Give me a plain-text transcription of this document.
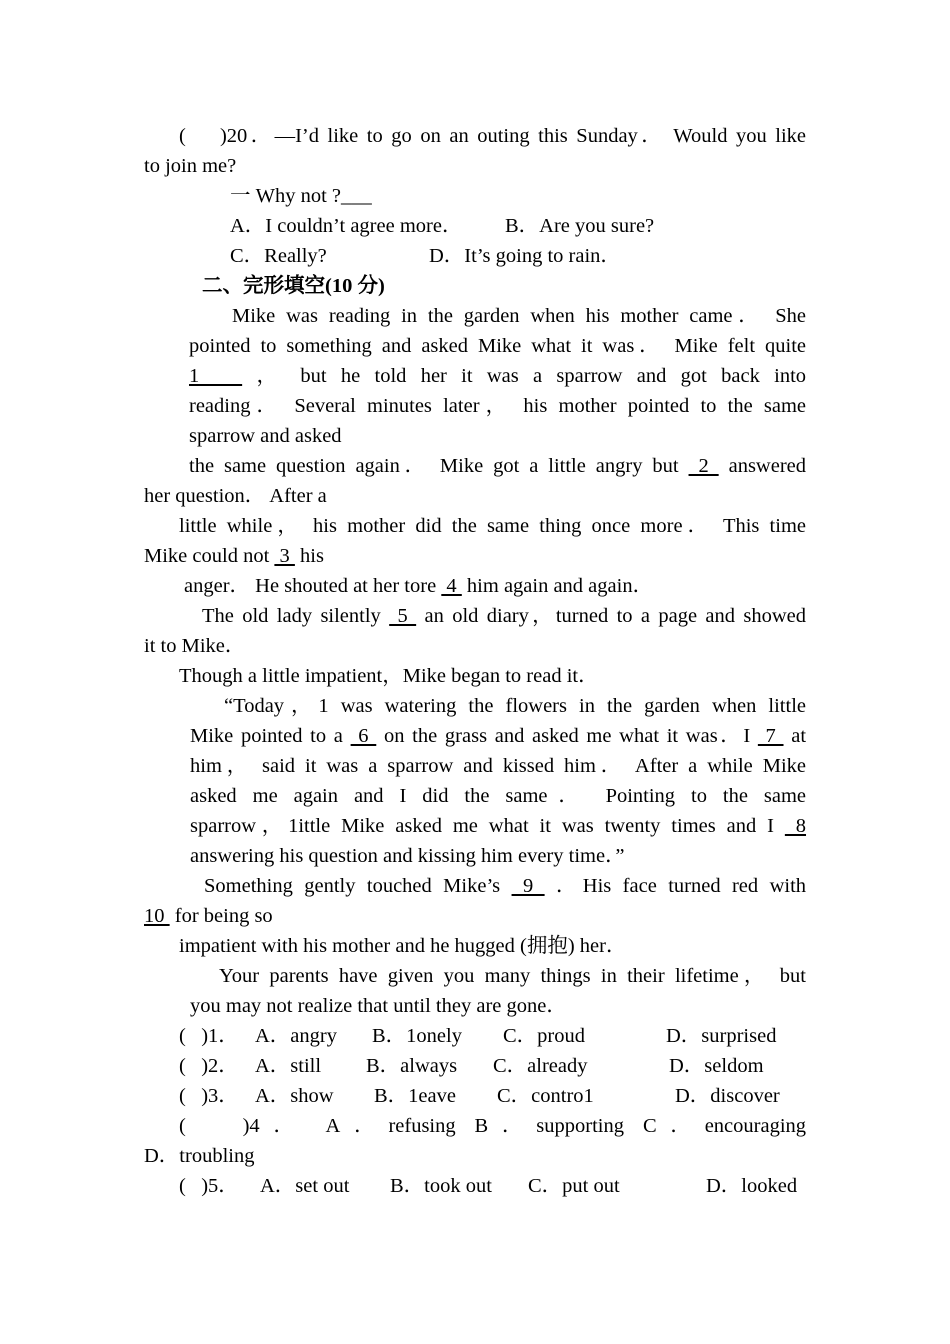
(    )20．—I’d like to go on an outing this Sunday． Would you like
to join me?
一 Why not ?___
A．I couldn’t agree more． B．Are you sure?
C．Really?	D．It’s going to rain．
二、完形填空(10 分)
Mike was reading in the garden when his mother came． She
pointed to something and asked Mike what it was． Mike felt quite
1    ， but he told her it was a sparrow and got back into
reading． Several minutes later， his mother pointed to the same
sparrow and asked
the same question again． Mike got a little angry but  2  answered
her question． After a
little while， his mother did the same thing once more． This time
Mike could not  3  his
anger． He shouted at her tore  4  him again and again．
The old lady silently  5  an old diary，turned to a page and showed
it to Mike．
Though a little impatient，Mike began to read it．
“Today，1 was watering the flowers in the garden when little
Mike pointed to a  6  on the grass and asked me what it was．I  7  at
him， said it was a sparrow and kissed him． After a while Mike
asked me again and I did the same． Pointing to the same
sparrow，1ittle Mike asked me what it was twenty times and I  8
answering his question and kissing him every time．”
Something gently touched Mike’s  9  ．His face turned red with
10  for being so
impatient with his mother and he hugged (拥抱) her．
Your parents have given you many things in their lifetime， but
you may not realize that until they are gone．
(   )1． A．angry B．1onely C．proud	D．surprised
(   )2． A．still B．always C．already	D．seldom
(   )3． A．show B．1eave C．contro1	D．discover
(   )4． A．refusing B．supporting C．encouraging
D．troubling
(   )5． A．set out B．took out C．put out	D．looked
